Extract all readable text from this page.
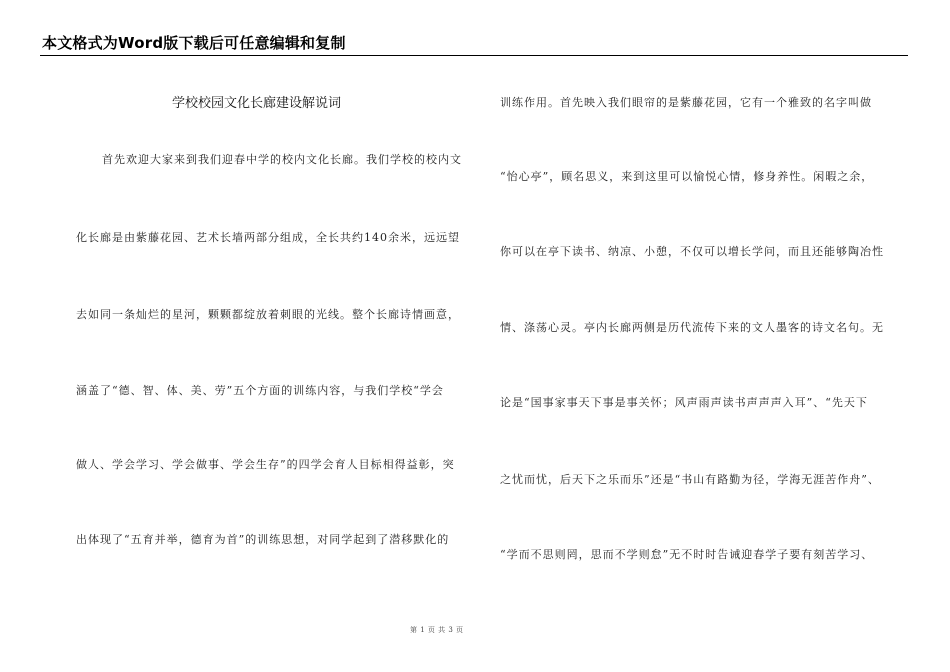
本文格式为Word版下载后可任意编辑和复制
学校校园文化长廊建设解说词
首先欢迎大家来到我们迎春中学的校内文化长廊。我们学校的校内文
化长廊是由紫藤花园、艺术长墙两部分组成，全长共约140余米，远远望
去如同一条灿烂的星河，颗颗都绽放着刺眼的光线。整个长廊诗情画意，
涵盖了“德、智、体、美、劳”五个方面的训练内容，与我们学校“学会
做人、学会学习、学会做事、学会生存”的四学会育人目标相得益彰，突
出体现了“五育并举，德育为首”的训练思想，对同学起到了潜移默化的
训练作用。首先映入我们眼帘的是紫藤花园，它有一个雅致的名字叫做
“怡心亭”，顾名思义，来到这里可以愉悦心情，修身养性。闲暇之余，
你可以在亭下读书、纳凉、小憩，不仅可以增长学问，而且还能够陶冶性
情、涤荡心灵。亭内长廊两侧是历代流传下来的文人墨客的诗文名句。无
论是“国事家事天下事是事关怀；风声雨声读书声声声入耳”、“先天下
之忧而忧，后天下之乐而乐”还是“书山有路勤为径，学海无涯苦作舟”、
“学而不思则罔，思而不学则怠”无不时时告诫迎春学子要有刻苦学习、
第 1 页 共 3 页
